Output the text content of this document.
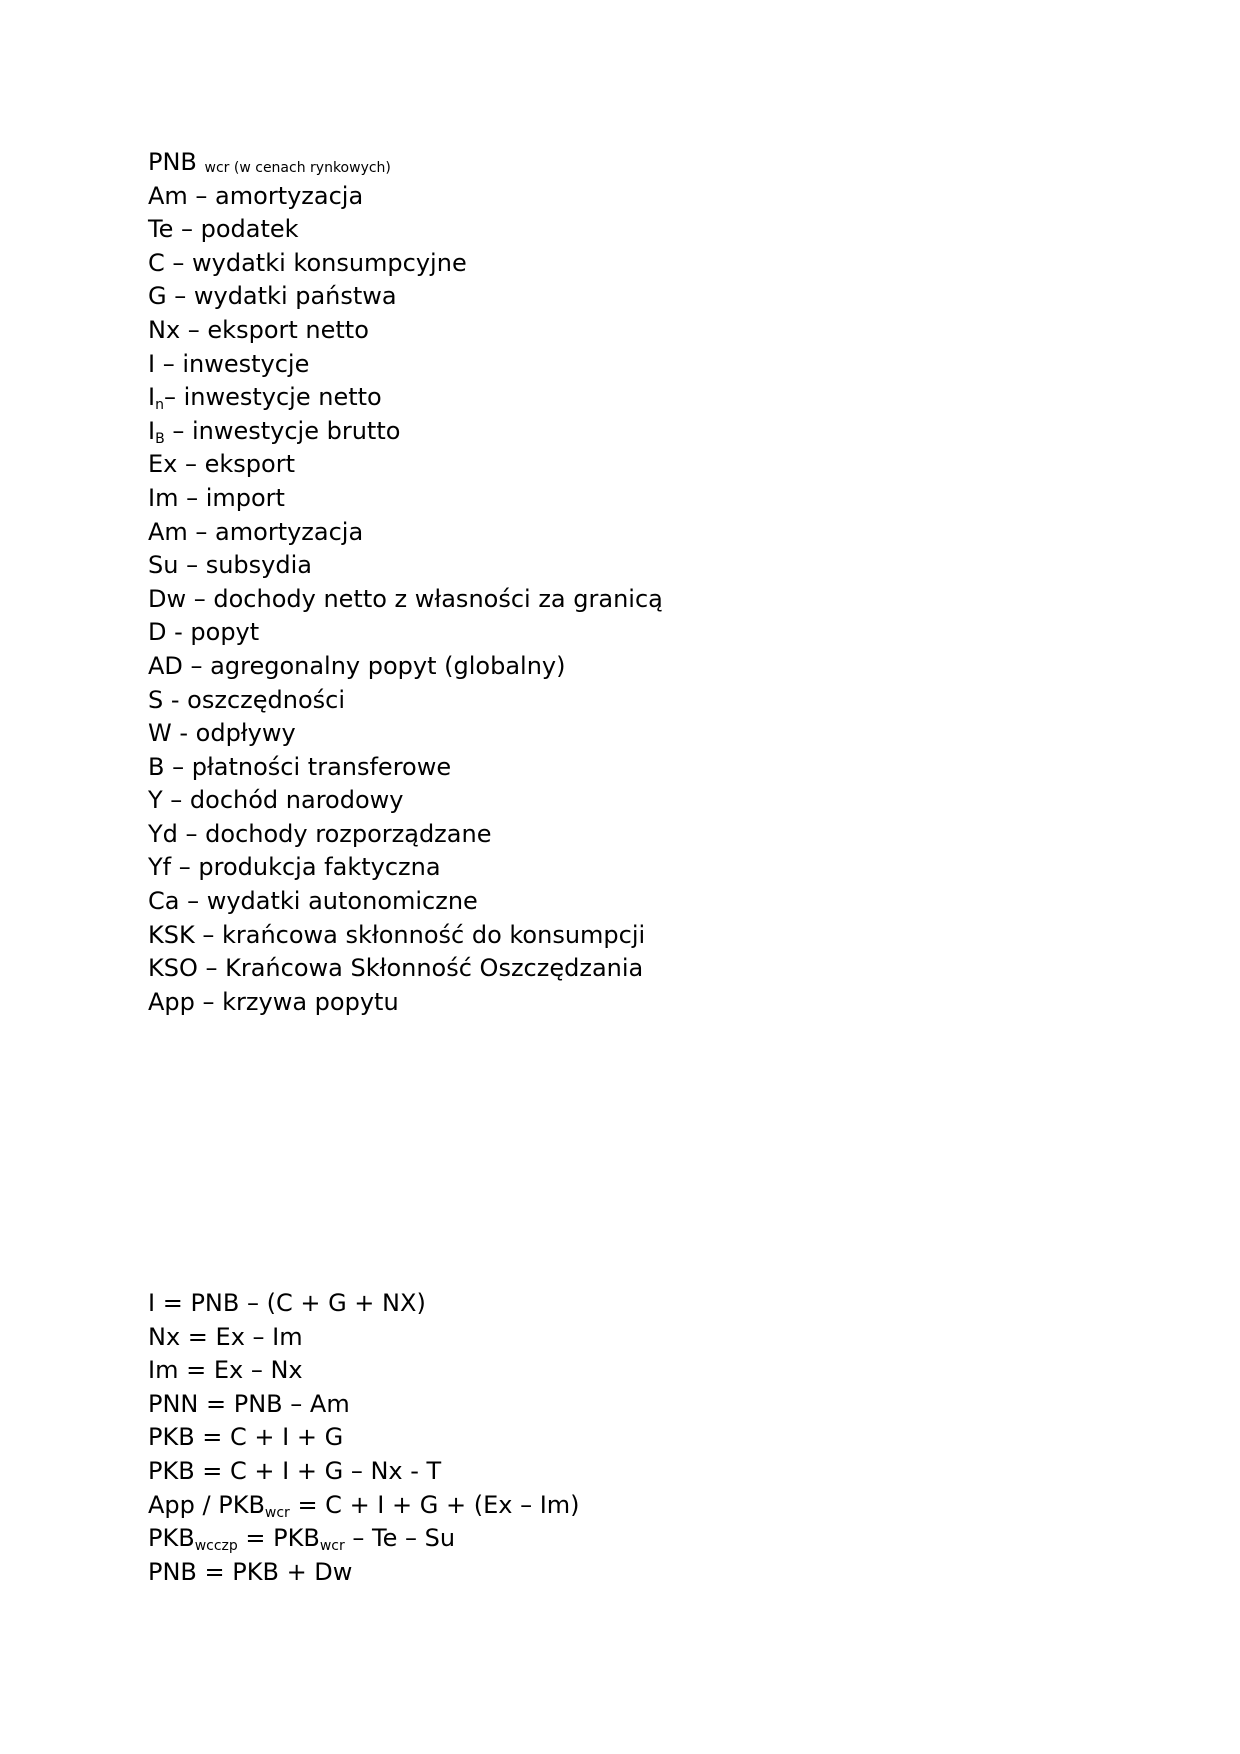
PNB wcr (w cenach rynkowych)
Am – amortyzacja
Te – podatek
C – wydatki konsumpcyjne
G – wydatki państwa
Nx – eksport netto
I – inwestycje
$I_n-$ inwestycje netto
$I_B$ – inwestycje brutto
Ex – eksport
Im – import
Am – amortyzacja
Su – subsydia
Dw – dochody netto z własności za granicą
D - popyt
AD – agregonalny popyt (globalny)
S - oszczędności
W - odpływy
B – płatności transferowe
Y – dochód narodowy
Yd – dochody rozporządzane
Yf – produkcja faktyczna
Ca – wydatki autonomiczne
KSK – krańcowa skłonność do konsumpcji
KSO – Krańcowa Skłonność Oszczędzania
App – krzywa popytu
I = PNB – (C + G + NX)
Nx = Ex – Im
Im = Ex – Nx
PNN = PNB – Am
PKB = C + I + G
PKB = C + I + G – Nx - T
App / $PKB_{wcr} = C + I + G + (Ex - Im)$
$PKB_{wcczp} = PKB_{wcr} - Te - Su$
PNB = PKB + Dw
